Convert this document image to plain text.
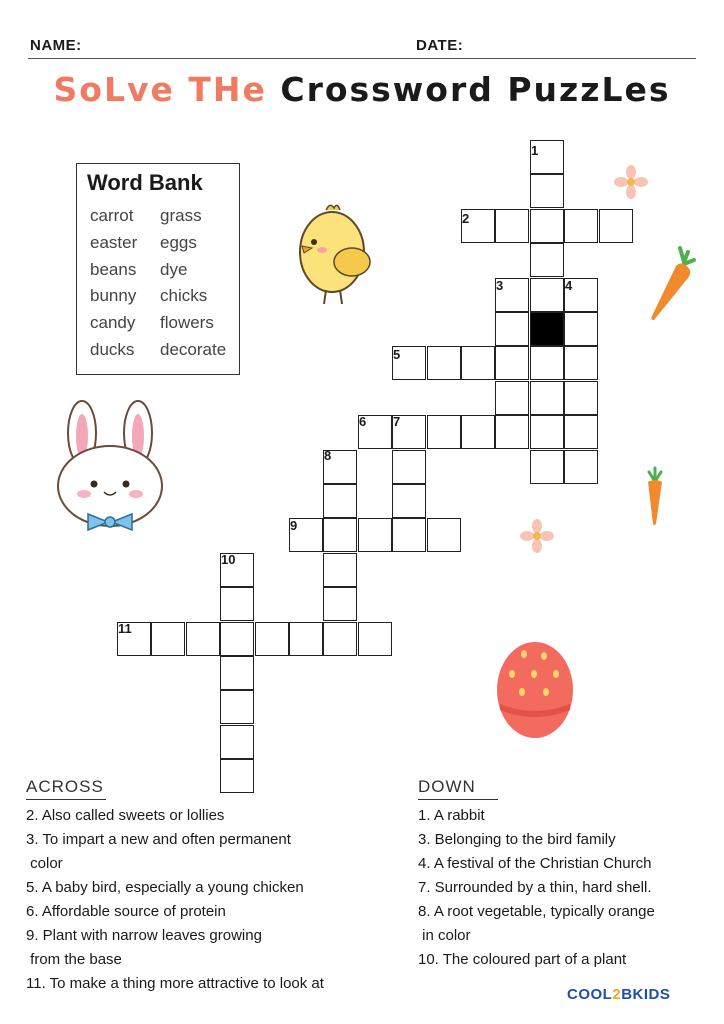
NAME:	DATE:
SoLve THe Crossword PuzzLes
Word Bank
carrot
easter
beans
bunny
candy
ducks
grass
eggs
dye
chicks
flowers
decorate
1
2
3	4
5
6 7
8
9
10
11
ACROSS
2. Also called sweets or lollies
3. To impart a new and often permanent
color
5. A baby bird, especially a young chicken
6. Affordable source of protein
9. Plant with narrow leaves growing
from the base
11. To make a thing more attractive to look at
DOWN
1. A rabbit
3. Belonging to the bird family
4. A festival of the Christian Church
7. Surrounded by a thin, hard shell.
8. A root vegetable, typically orange
in color
10. The coloured part of a plant
COOL2BKIDS
